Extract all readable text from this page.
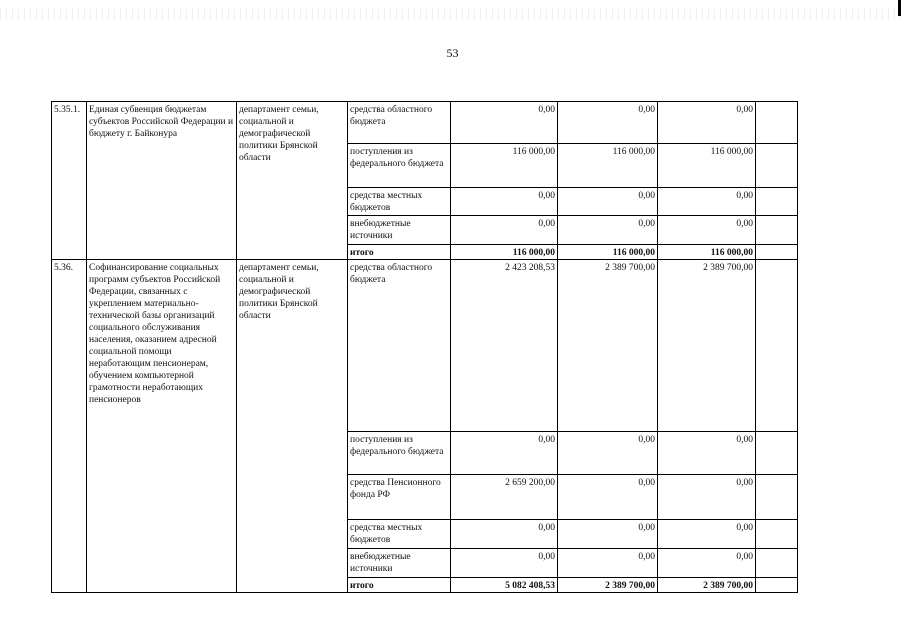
53
5.35.1.	Единая субвенция бюджетам субъектов Российской Федерации и бюджету г. Байконура	департамент семьи, социальной и демографической политики Брянской области	средства областного бюджета	0,00	0,00	0,00	
			поступления из федерального бюджета	116 000,00	116 000,00	116 000,00	
			средства местных бюджетов	0,00	0,00	0,00	
			внебюджетные источники	0,00	0,00	0,00	
			итого	116 000,00	116 000,00	116 000,00	
5.36.	Софинансирование социальных программ субъектов Российской Федерации, связанных с укреплением материально-технической базы организаций социального обслуживания населения, оказанием адресной социальной помощи неработающим пенсионерам, обучением компьютерной грамотности неработающих пенсионеров	департамент семьи, социальной и демографической политики Брянской области	средства областного бюджета	2 423 208,53	2 389 700,00	2 389 700,00	
			поступления из федерального бюджета	0,00	0,00	0,00	
			средства Пенсионного фонда РФ	2 659 200,00	0,00	0,00	
			средства местных бюджетов	0,00	0,00	0,00	
			внебюджетные источники	0,00	0,00	0,00	
			итого	5 082 408,53	2 389 700,00	2 389 700,00	
